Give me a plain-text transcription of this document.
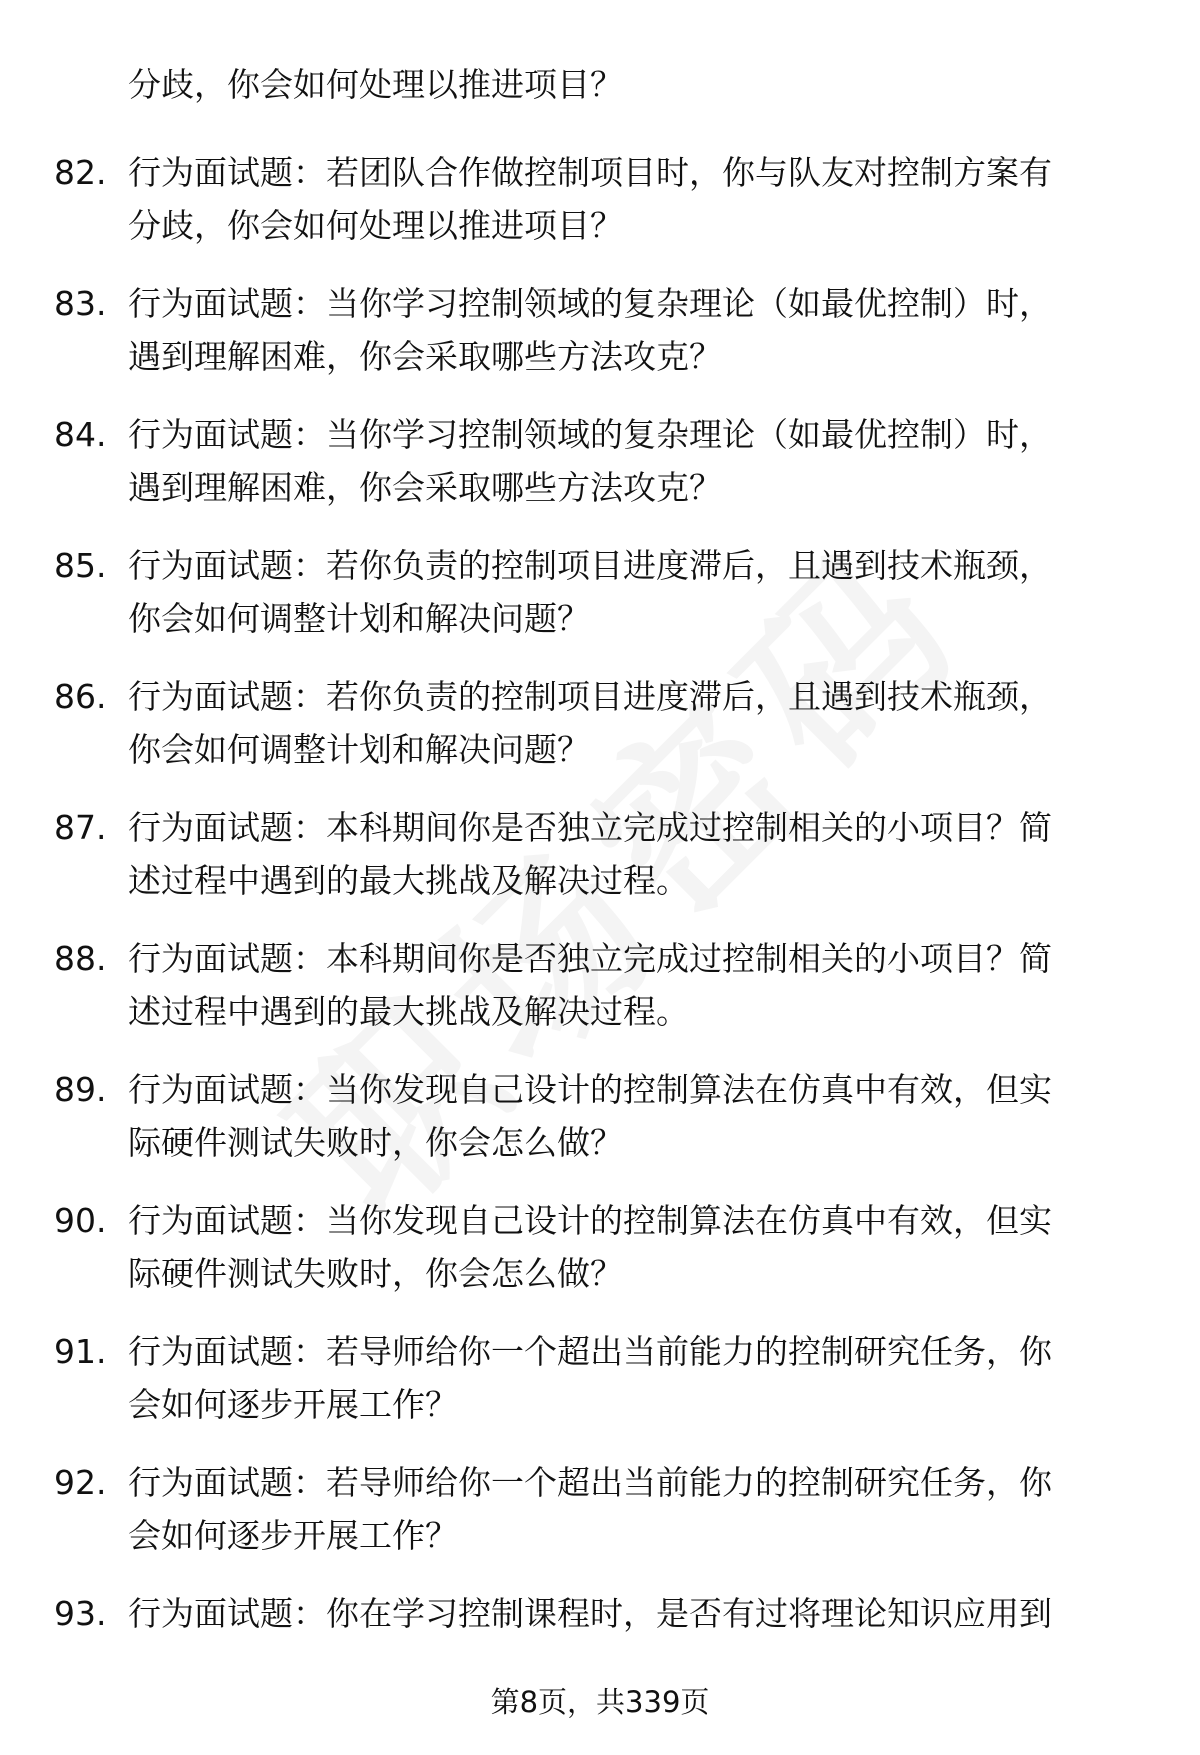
分歧，你会如何处理以推进项目？
82. 行为面试题：若团队合作做控制项目时，你与队友对控制方案有
分歧，你会如何处理以推进项目？

83. 行为面试题：当你学习控制领域的复杂理论（如最优控制）时，
遇到理解困难，你会采取哪些方法攻克？

84. 行为面试题：当你学习控制领域的复杂理论（如最优控制）时，
遇到理解困难，你会采取哪些方法攻克？

85. 行为面试题：若你负责的控制项目进度滞后，且遇到技术瓶颈，
你会如何调整计划和解决问题？

86. 行为面试题：若你负责的控制项目进度滞后，且遇到技术瓶颈，
你会如何调整计划和解决问题？

87. 行为面试题：本科期间你是否独立完成过控制相关的小项目？简
述过程中遇到的最大挑战及解决过程。

88. 行为面试题：本科期间你是否独立完成过控制相关的小项目？简
述过程中遇到的最大挑战及解决过程。

89. 行为面试题：当你发现自己设计的控制算法在仿真中有效，但实
际硬件测试失败时，你会怎么做？

90. 行为面试题：当你发现自己设计的控制算法在仿真中有效，但实
际硬件测试失败时，你会怎么做？

91. 行为面试题：若导师给你一个超出当前能力的控制研究任务，你
会如何逐步开展工作？

92. 行为面试题：若导师给你一个超出当前能力的控制研究任务，你
会如何逐步开展工作？

93. 行为面试题：你在学习控制课程时，是否有过将理论知识应用到

第8页，共339页
